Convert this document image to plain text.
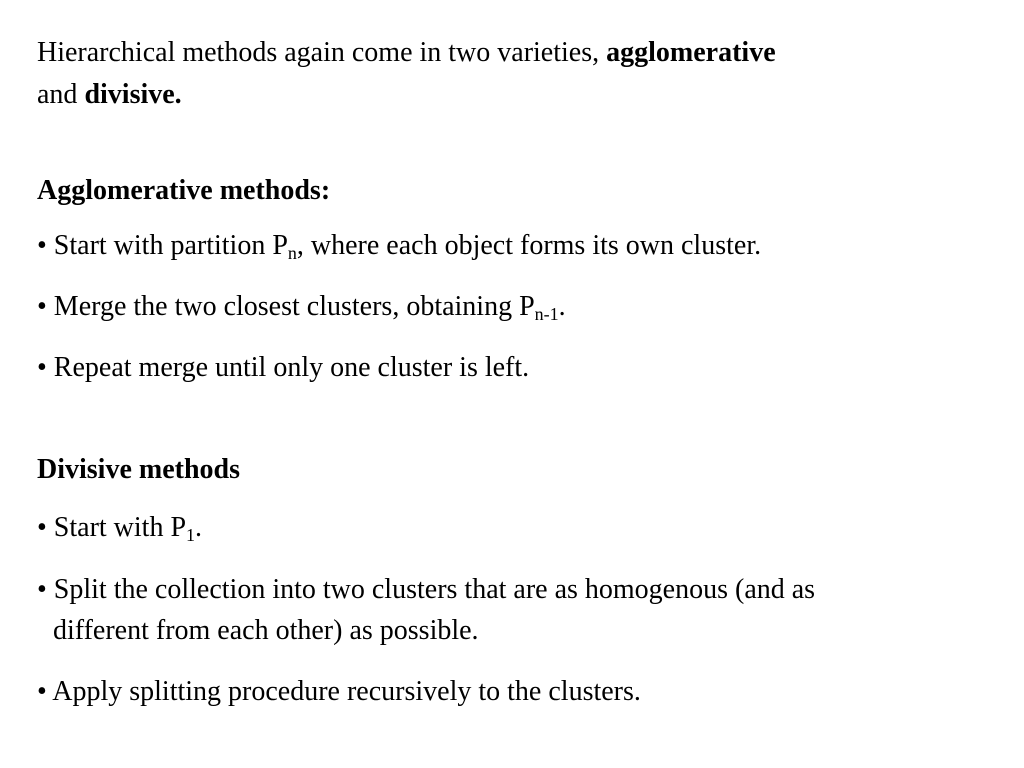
Hierarchical methods again come in two varieties, agglomerative
and divisive.
Agglomerative methods:
• Start with partition $P_n$, where each object forms its own cluster.
• Merge the two closest clusters, obtaining $P_{n-1}$.
• Repeat merge until only one cluster is left.
Divisive methods
• Start with $P_1$.
• Split the collection into two clusters that are as homogenous (and as
different from each other) as possible.
• Apply splitting procedure recursively to the clusters.
